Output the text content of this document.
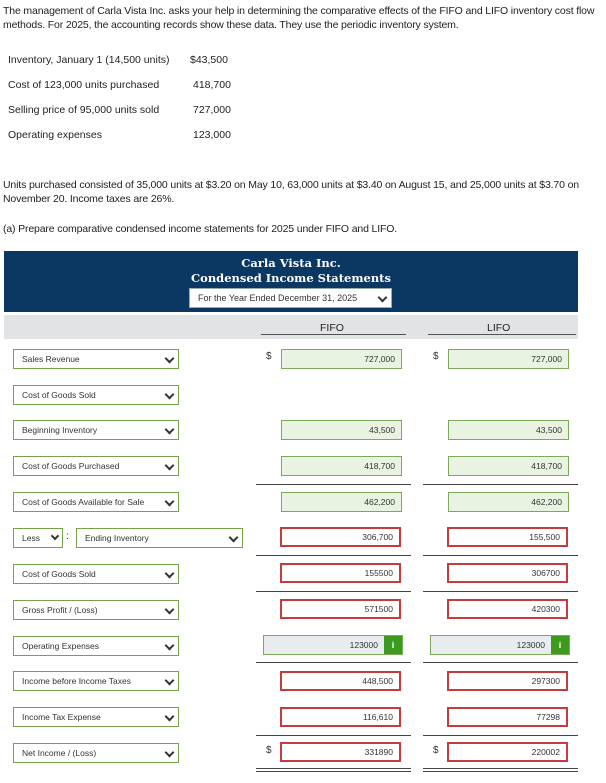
The management of Carla Vista Inc. asks your help in determining the comparative effects of the FIFO and LIFO inventory cost flow methods. For 2025, the accounting records show these data. They use the periodic inventory system.
Inventory, January 1 (14,500 units) $43,500
Cost of 123,000 units purchased	418,700
Selling price of 95,000 units sold	727,000
Operating expenses	123,000
Units purchased consisted of 35,000 units at $3.20 on May 10, 63,000 units at $3.40 on August 15, and 25,000 units at $3.70 on November 20. Income taxes are 26%.
(a) Prepare comparative condensed income statements for 2025 under FIFO and LIFO.
Carla Vista Inc.
Condensed Income Statements
For the Year Ended December 31, 2025
FIFO	LIFO
Sales Revenue	$	727,000	$	727,000
Cost of Goods Sold
Beginning Inventory	43,500	43,500
Cost of Goods Purchased	418,700	418,700
Cost of Goods Available for Sale	462,200	462,200
Less	:	Ending Inventory	306,700	155,500
Cost of Goods Sold	155500	306700
Gross Profit / (Loss)	571500	420300
Operating Expenses	123000	i	123000	i
Income before Income Taxes	448,500	297300
Income Tax Expense	116,610	77298
Net Income / (Loss)	$	331890	$	220002
